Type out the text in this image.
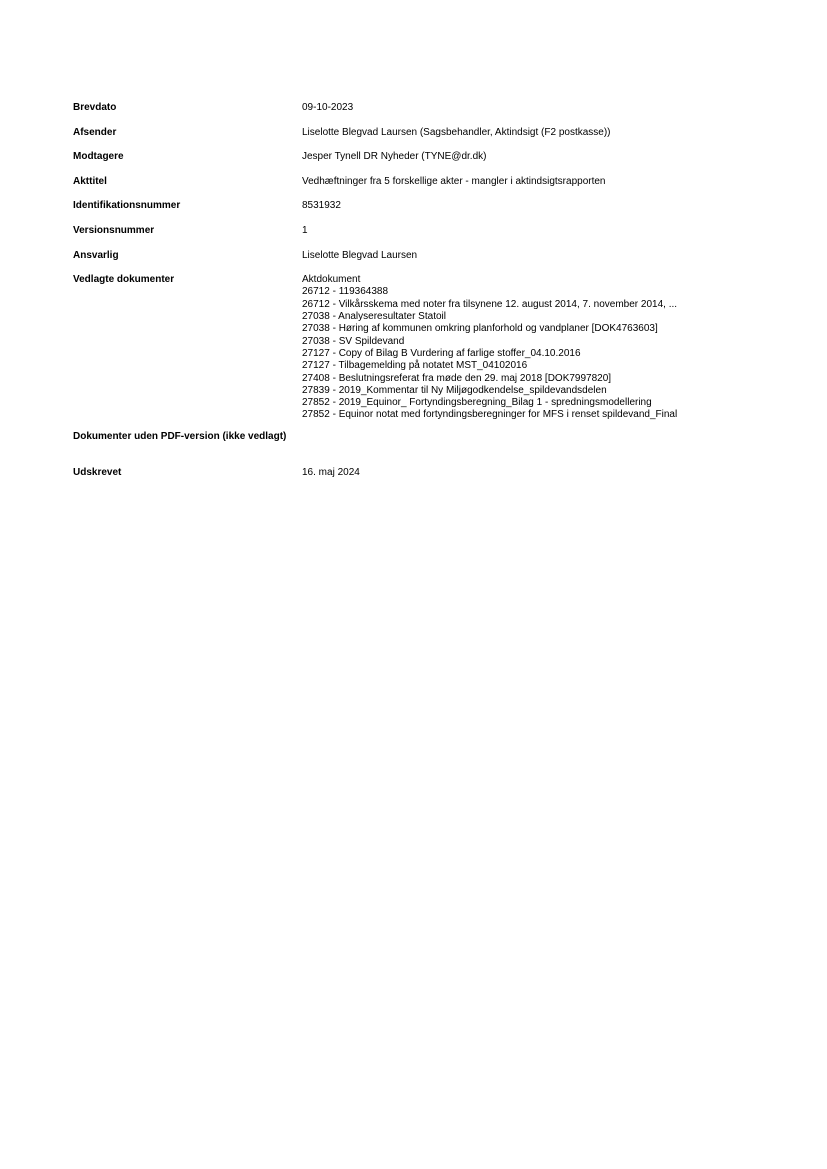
Brevdato	09-10-2023
Afsender	Liselotte Blegvad Laursen (Sagsbehandler, Aktindsigt (F2 postkasse))
Modtagere	Jesper Tynell DR Nyheder (TYNE@dr.dk)
Akttitel	Vedhæftninger fra 5 forskellige akter - mangler i aktindsigtsrapporten
Identifikationsnummer	8531932
Versionsnummer	1
Ansvarlig	Liselotte Blegvad Laursen
Vedlagte dokumenter	Aktdokument
26712 - 119364388
26712 - Vilkårsskema med noter fra tilsynene 12. august 2014, 7. november 2014, ...
27038 - Analyseresultater Statoil
27038 - Høring af kommunen omkring planforhold og vandplaner [DOK4763603]
27038 - SV Spildevand
27127 - Copy of Bilag B Vurdering af farlige stoffer_04.10.2016
27127 - Tilbagemelding på notatet MST_04102016
27408 - Beslutningsreferat fra møde den 29. maj 2018 [DOK7997820]
27839 - 2019_Kommentar til Ny Miljøgodkendelse_spildevandsdelen
27852 - 2019_Equinor_ Fortyndingsberegning_Bilag 1 - spredningsmodellering
27852 - Equinor notat med fortyndingsberegninger for MFS i renset spildevand_Final
Dokumenter uden PDF-version (ikke vedlagt)
Udskrevet	16. maj 2024
